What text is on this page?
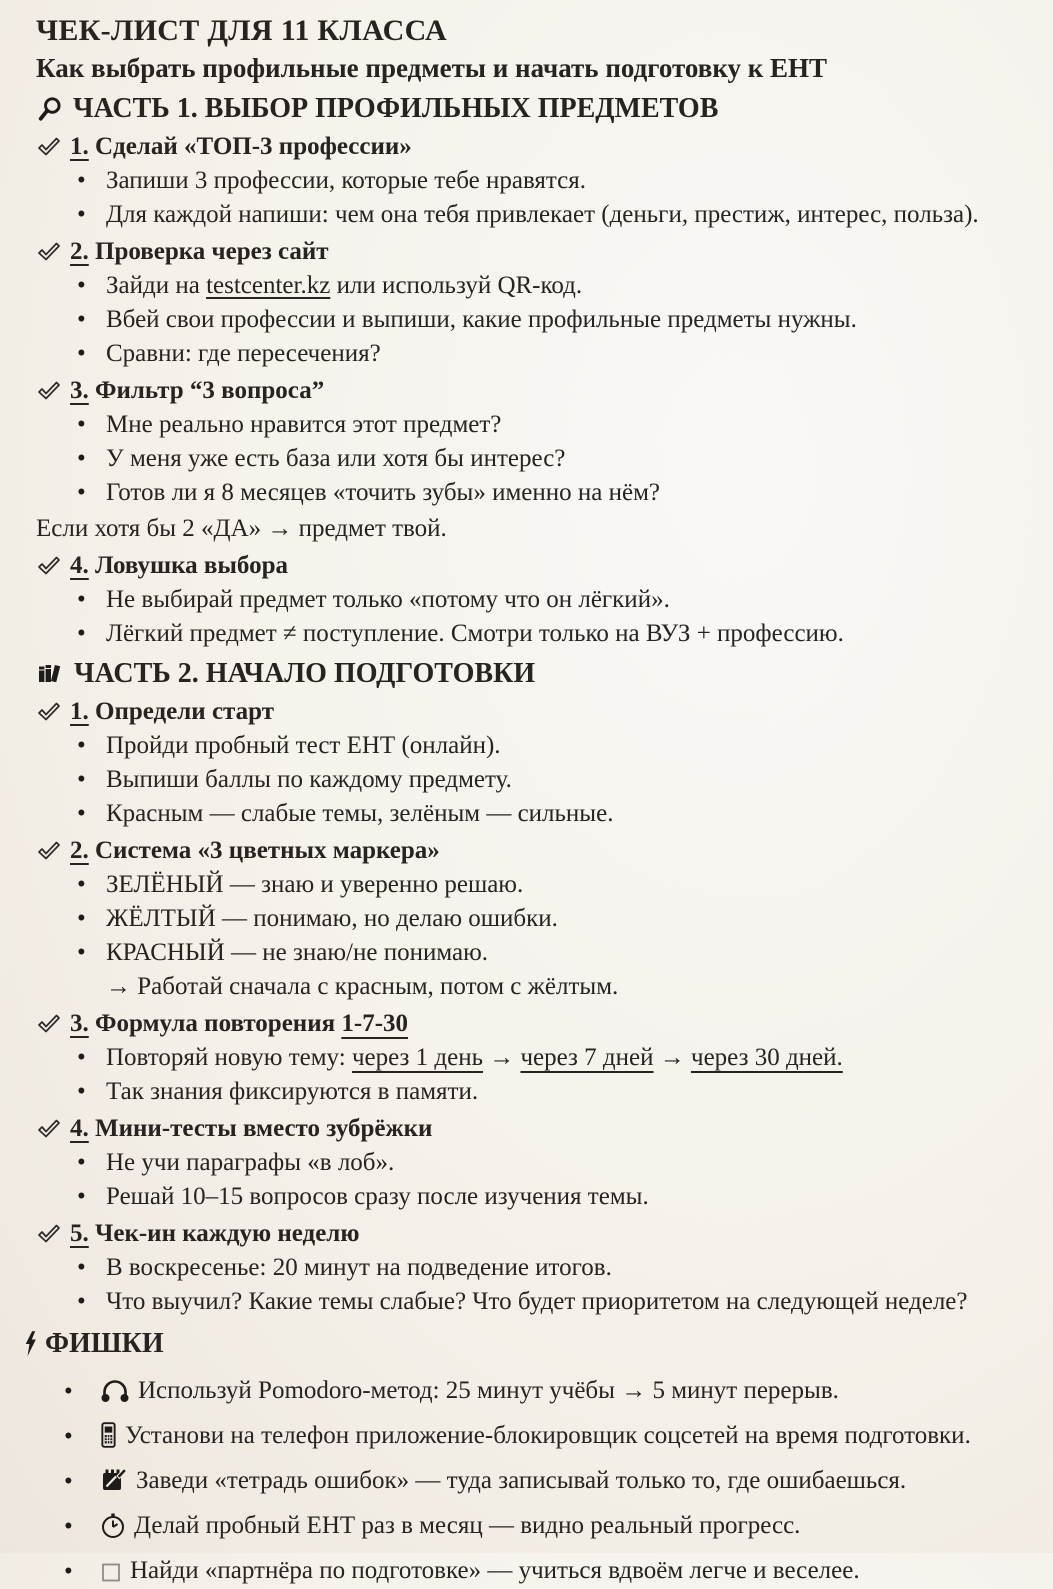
ЧЕК-ЛИСТ ДЛЯ 11 КЛАССА
Как выбрать профильные предметы и начать подготовку к ЕНТ
ЧАСТЬ 1. ВЫБОР ПРОФИЛЬНЫХ ПРЕДМЕТОВ
1. Сделай «ТОП-3 профессии»
• Запиши 3 профессии, которые тебе нравятся.
• Для каждой напиши: чем она тебя привлекает (деньги, престиж, интерес, польза).
2. Проверка через сайт
• Зайди на testcenter.kz или используй QR-код.
• Вбей свои профессии и выпиши, какие профильные предметы нужны.
• Сравни: где пересечения?
3. Фильтр “3 вопроса”
• Мне реально нравится этот предмет?
• У меня уже есть база или хотя бы интерес?
• Готов ли я 8 месяцев «точить зубы» именно на нём?
Если хотя бы 2 «ДА» → предмет твой.
4. Ловушка выбора
• Не выбирай предмет только «потому что он лёгкий».
• Лёгкий предмет ≠ поступление. Смотри только на ВУЗ + профессию.
ЧАСТЬ 2. НАЧАЛО ПОДГОТОВКИ
1. Определи старт
• Пройди пробный тест ЕНТ (онлайн).
• Выпиши баллы по каждому предмету.
• Красным — слабые темы, зелёным — сильные.
2. Система «3 цветных маркера»
• ЗЕЛЁНЫЙ — знаю и уверенно решаю.
• ЖЁЛТЫЙ — понимаю, но делаю ошибки.
• КРАСНЫЙ — не знаю/не понимаю.
→ Работай сначала с красным, потом с жёлтым.
3. Формула повторения 1-7-30
• Повторяй новую тему: через 1 день → через 7 дней → через 30 дней.
• Так знания фиксируются в памяти.
4. Мини-тесты вместо зубрёжки
• Не учи параграфы «в лоб».
• Решай 10–15 вопросов сразу после изучения темы.
5. Чек-ин каждую неделю
• В воскресенье: 20 минут на подведение итогов.
• Что выучил? Какие темы слабые? Что будет приоритетом на следующей неделе?
ФИШКИ
• Используй Pomodoro-метод: 25 минут учёбы → 5 минут перерыв.
• Установи на телефон приложение-блокировщик соцсетей на время подготовки.
• Заведи «тетрадь ошибок» — туда записывай только то, где ошибаешься.
• Делай пробный ЕНТ раз в месяц — видно реальный прогресс.
• Найди «партнёра по подготовке» — учиться вдвоём легче и веселее.
